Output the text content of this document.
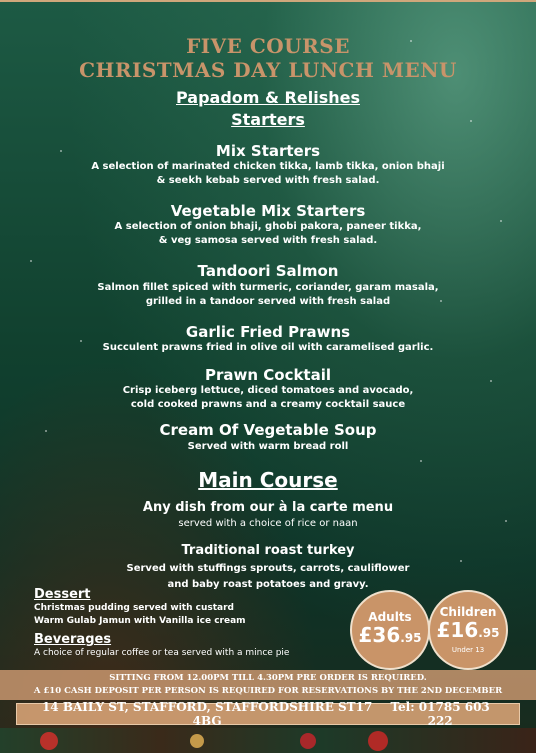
FIVE COURSE
CHRISTMAS DAY LUNCH MENU
Papadom & Relishes
Starters
Mix Starters
A selection of marinated chicken tikka, lamb tikka, onion bhaji
& seekh kebab served with fresh salad.
Vegetable Mix Starters
A selection of onion bhaji, ghobi pakora, paneer tikka,
& veg samosa served with fresh salad.
Tandoori Salmon
Salmon fillet spiced with turmeric, coriander, garam masala,
grilled in a tandoor served with fresh salad
Garlic Fried Prawns
Succulent prawns fried in olive oil with caramelised garlic.
Prawn Cocktail
Crisp iceberg lettuce, diced tomatoes and avocado,
cold cooked prawns and a creamy cocktail sauce
Cream Of Vegetable Soup
Served with warm bread roll
Main Course
Any dish from our à la carte menu
served with a choice of rice or naan
Traditional roast turkey
Served with stuffings sprouts, carrots, cauliflower
and baby roast potatoes and gravy.
Dessert
Christmas pudding served with custard
Warm Gulab Jamun with Vanilla ice cream
Beverages
A choice of regular coffee or tea served with a mince pie
Adults
£36.95
Children
£16.95
Under 13
SITTING FROM 12.00PM TILL 4.30PM PRE ORDER IS REQUIRED.
A £10 CASH DEPOSIT PER PERSON IS REQUIRED FOR RESERVATIONS BY THE 2ND DECEMBER
14 BAILY ST, STAFFORD, STAFFORDSHIRE ST17 4BG
Tel: 01785 603 222
